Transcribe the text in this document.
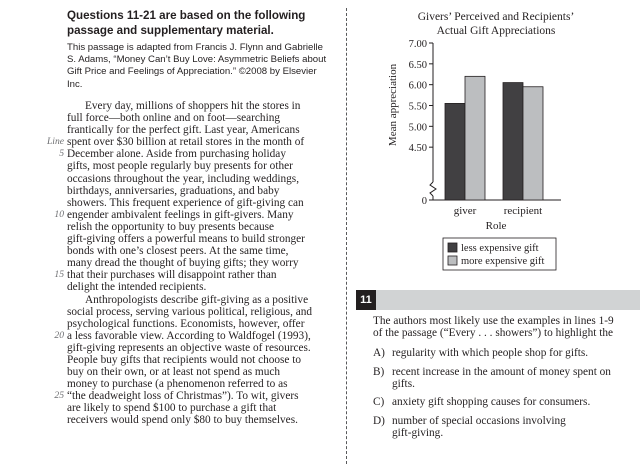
Questions 11-21 are based on the following
passage and supplementary material.
This passage is adapted from Francis J. Flynn and Gabrielle
S. Adams, “Money Can’t Buy Love: Asymmetric Beliefs about
Gift Price and Feelings of Appreciation.” ©2008 by Elsevier
Inc.
Every day, millions of shoppers hit the stores in
full force—both online and on foot—searching
frantically for the perfect gift. Last year, Americans
Line spent over $30 billion at retail stores in the month of
5 December alone. Aside from purchasing holiday
gifts, most people regularly buy presents for other
occasions throughout the year, including weddings,
birthdays, anniversaries, graduations, and baby
showers. This frequent experience of gift-giving can
10 engender ambivalent feelings in gift-givers. Many
relish the opportunity to buy presents because
gift-giving offers a powerful means to build stronger
bonds with one’s closest peers. At the same time,
many dread the thought of buying gifts; they worry
15 that their purchases will disappoint rather than
delight the intended recipients.
Anthropologists describe gift-giving as a positive
social process, serving various political, religious, and
psychological functions. Economists, however, offer
20 a less favorable view. According to Waldfogel (1993),
gift-giving represents an objective waste of resources.
People buy gifts that recipients would not choose to
buy on their own, or at least not spend as much
money to purchase (a phenomenon referred to as
25 “the deadweight loss of Christmas”). To wit, givers
are likely to spend $100 to purchase a gift that
receivers would spend only $80 to buy themselves.
Givers’ Perceived and Recipients’
Actual Gift Appreciations
7.00
6.50
6.00
5.50
5.00
4.50
0
Mean appreciation
giver recipient
Role
less expensive gift
more expensive gift
11
The authors most likely use the examples in lines 1-9
of the passage (“Every . . . showers”) to highlight the
A) regularity with which people shop for gifts.
B) recent increase in the amount of money spent on
gifts.
C) anxiety gift shopping causes for consumers.
D) number of special occasions involving
gift-giving.
